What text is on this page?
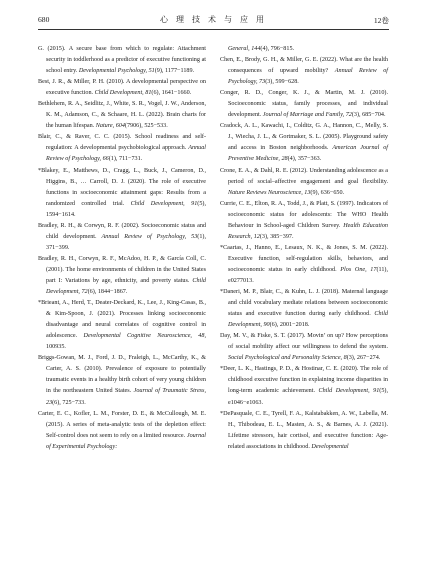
680	心 理 技 术 与 应 用	12卷

G. (2015). A secure base from which to regulate: Attachment security in toddlerhood as a predictor of executive functioning at school entry. Developmental Psychology, 51(9), 1177−1189.

Best, J. R., & Miller, P. H. (2010). A developmental perspective on executive function. Child Development, 81(6), 1641−1660.

Bethlehem, R. A., Seidlitz, J., White, S. R., Vogel, J. W., Anderson, K. M., Adamson, C., & Schaare, H. L. (2022). Brain charts for the human lifespan. Nature, 604(7906), 525−533.

Blair, C., & Raver, C. C. (2015). School readiness and self-regulation: A developmental psychobiological approach. Annual Review of Psychology, 66(1), 711−731.

*Blakey, E., Matthews, D., Cragg, L., Buck, J., Cameron, D., Higgins, B., … Carroll, D. J. (2020). The role of executive functions in socioeconomic attainment gaps: Results from a randomized controlled trial. Child Development, 91(5), 1594−1614.

Bradley, R. H., & Corwyn, R. F. (2002). Socioeconomic status and child development. Annual Review of Psychology, 53(1), 371−399.

Bradley, R. H., Corwyn, R. F., McAdoo, H. P., & García Coll, C. (2001). The home environments of children in the United States part I: Variations by age, ethnicity, and poverty status. Child Development, 72(6), 1844−1867.

*Brieant, A., Herd, T., Deater-Deckard, K., Lee, J., King-Casas, B., & Kim-Spoon, J. (2021). Processes linking socioeconomic disadvantage and neural correlates of cognitive control in adolescence. Developmental Cognitive Neuroscience, 48, 100935.

Briggs-Gowan, M. J., Ford, J. D., Fraleigh, L., McCarthy, K., & Carter, A. S. (2010). Prevalence of exposure to potentially traumatic events in a healthy birth cohort of very young children in the northeastern United States. Journal of Traumatic Stress, 23(6), 725−733.

Carter, E. C., Kofler, L. M., Forster, D. E., & McCullough, M. E. (2015). A series of meta-analytic tests of the depletion effect: Self-control does not seem to rely on a limited resource. Journal of Experimental Psychology:

General, 144(4), 796−815.

Chen, E., Brody, G. H., & Miller, G. E. (2022). What are the health consequences of upward mobility? Annual Review of Psychology, 73(3), 599−628.

Conger, R. D., Conger, K. J., & Martin, M. J. (2010). Socioeconomic status, family processes, and individual development. Journal of Marriage and Family, 72(3), 685−704.

Cradock, A. L., Kawachi, I., Colditz, G. A., Hannon, C., Melly, S. J., Wiecha, J. L., & Gortmaker, S. L. (2005). Playground safety and access in Boston neighborhoods. American Journal of Preventive Medicine, 28(4), 357−363.

Crone, E. A., & Dahl, R. E. (2012). Understanding adolescence as a period of social–affective engagement and goal flexibility. Nature Reviews Neuroscience, 13(9), 636−650.

Currie, C. E., Elton, R. A., Todd, J., & Platt, S. (1997). Indicators of socioeconomic status for adolescents: The WHO Health Behaviour in School-aged Children Survey. Health Education Research, 12(3), 385−397.

*Caartas, J., Hanno, E., Lesaux, N. K., & Jones, S. M. (2022). Executive function, self-regulation skills, behaviors, and socioeconomic status in early childhood. Plos One, 17(11), e0277013.

*Daneri, M. P., Blair, C., & Kuhn, L. J. (2018). Maternal language and child vocabulary mediate relations between socioeconomic status and executive function during early childhood. Child Development, 90(6), 2001−2018.

Day, M. V., & Fiske, S. T. (2017). Movin’ on up? How perceptions of social mobility affect our willingness to defend the system. Social Psychological and Personality Science, 8(3), 267−274.

*Deer, L. K., Hastings, P. D., & Hostinar, C. E. (2020). The role of childhood executive function in explaining income disparities in long-term academic achievement. Child Development, 91(5), e1046−e1063.

*DePasquale, C. E., Tyrell, F. A., Kalstabakken, A. W., Labella, M. H., Thibodeau, E. L., Masten, A. S., & Barnes, A. J. (2021). Lifetime stressors, hair cortisol, and executive function: Age-related associations in childhood. Developmental
